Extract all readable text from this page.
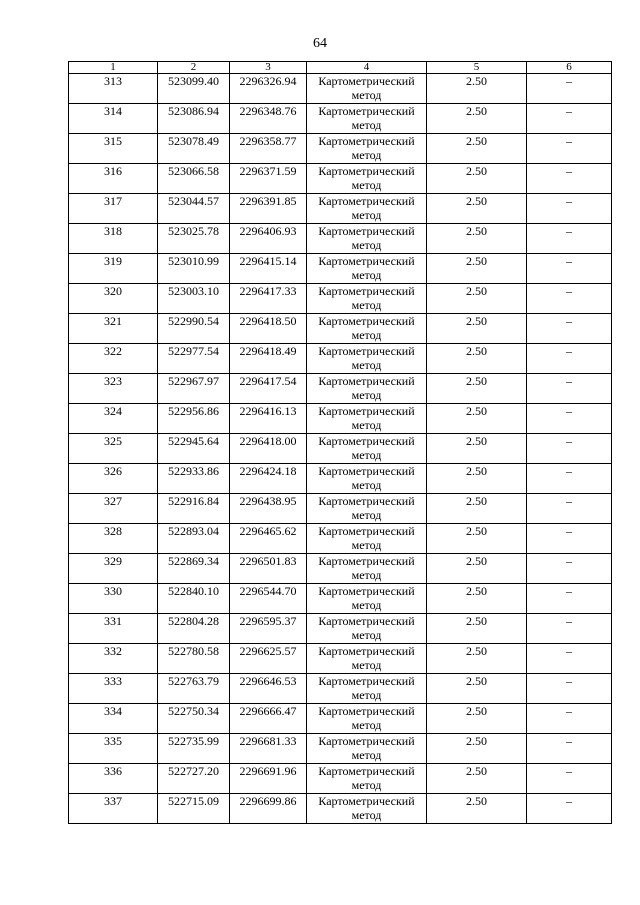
64
1	2	3	4	5	6
313	523099.40	2296326.94	Картометрический метод	2.50	–
314	523086.94	2296348.76	Картометрический метод	2.50	–
315	523078.49	2296358.77	Картометрический метод	2.50	–
316	523066.58	2296371.59	Картометрический метод	2.50	–
317	523044.57	2296391.85	Картометрический метод	2.50	–
318	523025.78	2296406.93	Картометрический метод	2.50	–
319	523010.99	2296415.14	Картометрический метод	2.50	–
320	523003.10	2296417.33	Картометрический метод	2.50	–
321	522990.54	2296418.50	Картометрический метод	2.50	–
322	522977.54	2296418.49	Картометрический метод	2.50	–
323	522967.97	2296417.54	Картометрический метод	2.50	–
324	522956.86	2296416.13	Картометрический метод	2.50	–
325	522945.64	2296418.00	Картометрический метод	2.50	–
326	522933.86	2296424.18	Картометрический метод	2.50	–
327	522916.84	2296438.95	Картометрический метод	2.50	–
328	522893.04	2296465.62	Картометрический метод	2.50	–
329	522869.34	2296501.83	Картометрический метод	2.50	–
330	522840.10	2296544.70	Картометрический метод	2.50	–
331	522804.28	2296595.37	Картометрический метод	2.50	–
332	522780.58	2296625.57	Картометрический метод	2.50	–
333	522763.79	2296646.53	Картометрический метод	2.50	–
334	522750.34	2296666.47	Картометрический метод	2.50	–
335	522735.99	2296681.33	Картометрический метод	2.50	–
336	522727.20	2296691.96	Картометрический метод	2.50	–
337	522715.09	2296699.86	Картометрический метод	2.50	–
